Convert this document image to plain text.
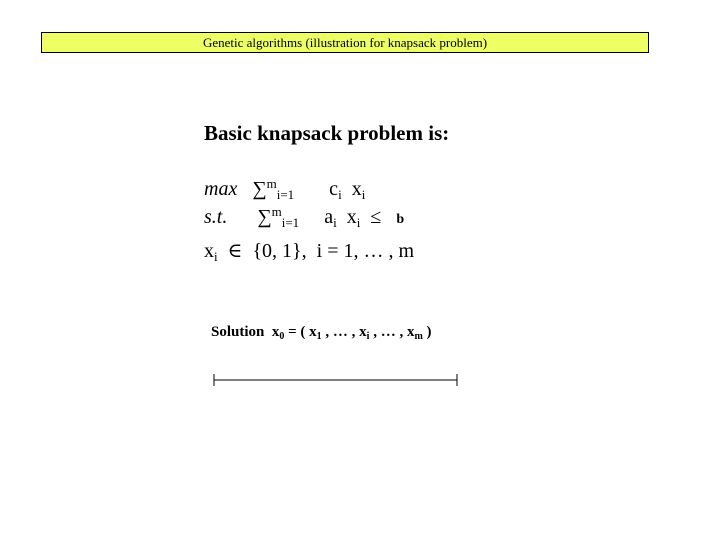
Genetic algorithms (illustration for knapsack problem)
Basic knapsack problem is:
max ∑$^m_{i=1}$ $c_i$ $x_i$
s.t. ∑$^m_{i=1}$ $a_i$ $x_i \le b$
$x_i$ ∈ {0, 1}, i = 1, … , m
Solution $x_0$ = ( $x_1$ , … , $x_i$ , … , $x_m$ )
